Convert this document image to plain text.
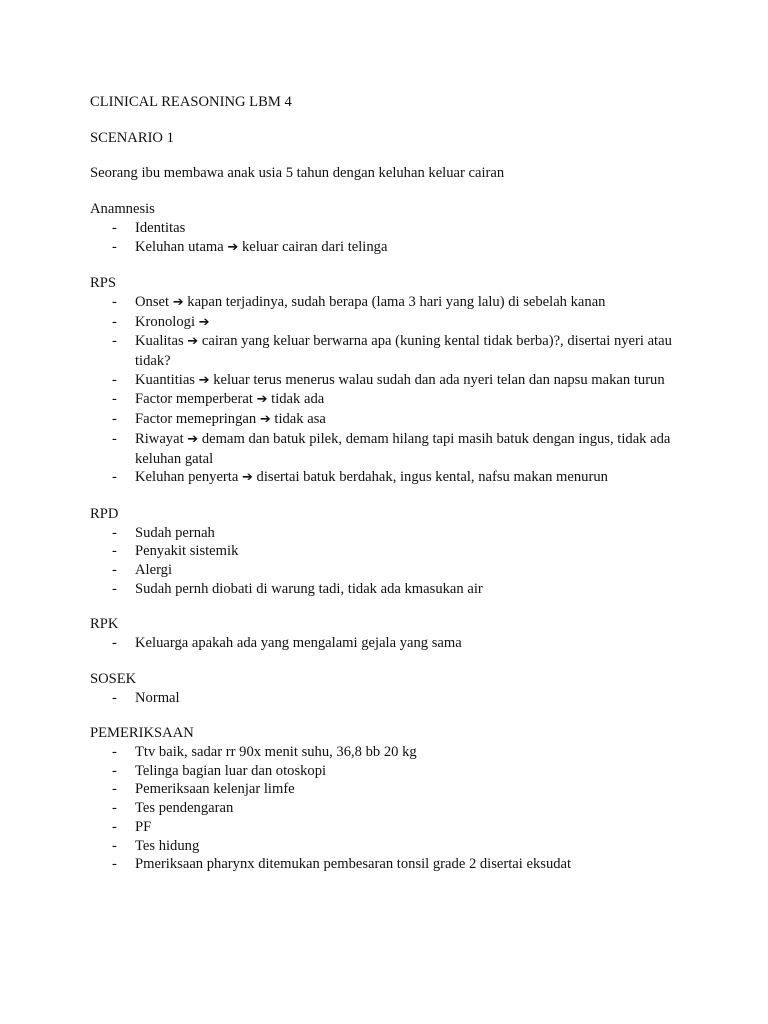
CLINICAL REASONING LBM 4

SCENARIO 1

Seorang ibu membawa anak usia 5 tahun dengan keluhan keluar cairan

Anamnesis

- Identitas
- Keluhan utama ➔ keluar cairan dari telinga

RPS

- Onset ➔ kapan terjadinya, sudah berapa (lama 3 hari yang lalu) di sebelah kanan
- Kronologi ➔
- Kualitas ➔ cairan yang keluar berwarna apa (kuning kental tidak berba)?, disertai nyeri atau tidak?
- Kuantitias ➔ keluar terus menerus walau sudah dan ada nyeri telan dan napsu makan turun
- Factor memperberat ➔ tidak ada
- Factor memepringan ➔ tidak asa
- Riwayat ➔ demam dan batuk pilek, demam hilang tapi masih batuk dengan ingus, tidak ada keluhan gatal
- Keluhan penyerta ➔ disertai batuk berdahak, ingus kental, nafsu makan menurun

RPD

- Sudah pernah
- Penyakit sistemik
- Alergi
- Sudah pernh diobati di warung tadi, tidak ada kmasukan air

RPK

- Keluarga apakah ada yang mengalami gejala yang sama

SOSEK

- Normal

PEMERIKSAAN

- Ttv baik, sadar rr 90x menit suhu, 36,8 bb 20 kg
- Telinga bagian luar dan otoskopi
- Pemeriksaan kelenjar limfe
- Tes pendengaran
- PF
- Tes hidung
- Pmeriksaan pharynx ditemukan pembesaran tonsil grade 2 disertai eksudat
